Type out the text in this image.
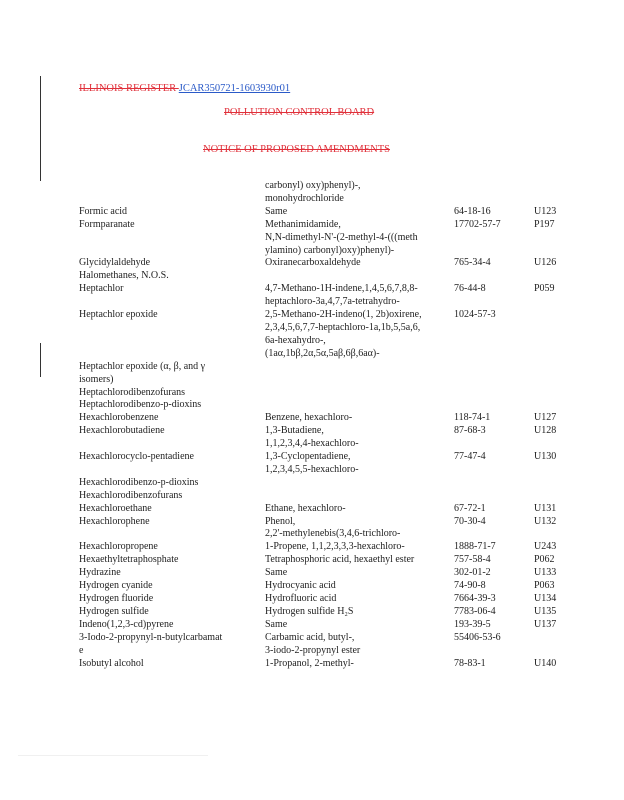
ILLINOIS REGISTER JCAR350721-1603930r01
POLLUTION CONTROL BOARD
NOTICE OF PROPOSED AMENDMENTS
	carbonyl) oxy)phenyl)-,		
	monohydrochloride		
Formic acid	Same	64-18-16	U123
Formparanate	Methanimidamide,	17702-57-7	P197
	N,N-dimethyl-N'-(2-methyl-4-(((meth		
	ylamino) carbonyl)oxy)phenyl)-		
Glycidylaldehyde	Oxiranecarboxaldehyde	765-34-4	U126
Halomethanes, N.O.S.			
Heptachlor	4,7-Methano-1H-indene,1,4,5,6,7,8,8-	76-44-8	P059
	heptachloro-3a,4,7,7a-tetrahydro-		
Heptachlor epoxide	2,5-Methano-2H-indeno(1, 2b)oxirene,	1024-57-3	
	2,3,4,5,6,7,7-heptachloro-1a,1b,5,5a,6,		
	6a-hexahydro-,		
	(1aα,1bβ,2α,5α,5aβ,6β,6aα)-		
Heptachlor epoxide (α, β, and γ			
isomers)			
Heptachlorodibenzofurans			
Heptachlorodibenzo-p-dioxins			
Hexachlorobenzene	Benzene, hexachloro-	118-74-1	U127
Hexachlorobutadiene	1,3-Butadiene,	87-68-3	U128
	1,1,2,3,4,4-hexachloro-		
Hexachlorocyclo-pentadiene	1,3-Cyclopentadiene,	77-47-4	U130
	1,2,3,4,5,5-hexachloro-		
Hexachlorodibenzo-p-dioxins			
Hexachlorodibenzofurans			
Hexachloroethane	Ethane, hexachloro-	67-72-1	U131
Hexachlorophene	Phenol,	70-30-4	U132
	2,2'-methylenebis(3,4,6-trichloro-		
Hexachloropropene	1-Propene, 1,1,2,3,3,3-hexachloro-	1888-71-7	U243
Hexaethyltetraphosphate	Tetraphosphoric acid, hexaethyl ester	757-58-4	P062
Hydrazine	Same	302-01-2	U133
Hydrogen cyanide	Hydrocyanic acid	74-90-8	P063
Hydrogen fluoride	Hydrofluoric acid	7664-39-3	U134
Hydrogen sulfide	Hydrogen sulfide H₂S	7783-06-4	U135
Indeno(1,2,3-cd)pyrene	Same	193-39-5	U137
3-Iodo-2-propynyl-n-butylcarbamat	Carbamic acid, butyl-,	55406-53-6	
e	3-iodo-2-propynyl ester		
Isobutyl alcohol	1-Propanol, 2-methyl-	78-83-1	U140
